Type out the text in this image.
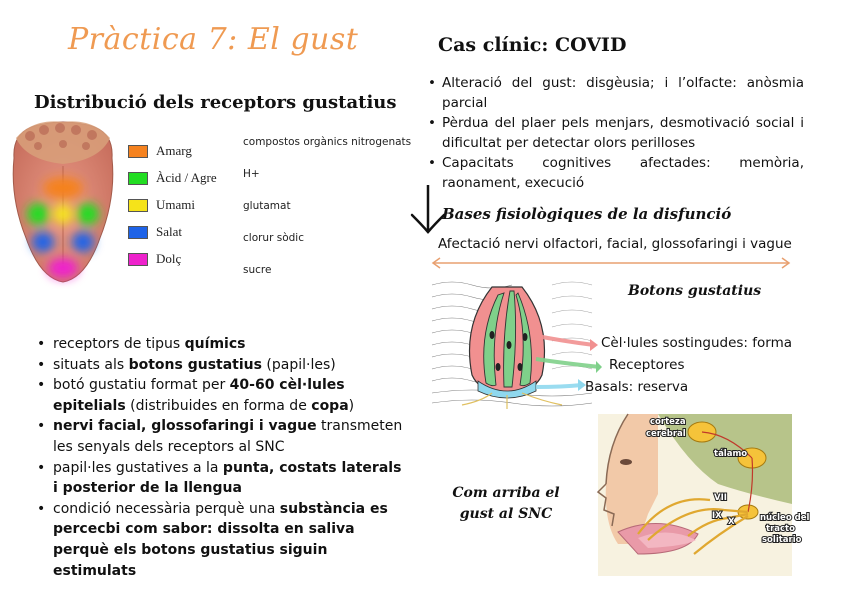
Pràctica 7: El gust
Distribució dels receptors gustatius
Amarg
Àcid / Agre
Umami
Salat
Dolç
compostos orgànics nitrogenats
H+
glutamat
clorur sòdic
sucre
• receptors de tipus químics
• situats als botons gustatius (papil·les)
• botó gustatiu format per 40-60 cèl·lules epitelials (distribuides en forma de copa)
• nervi facial, glossofaringi i vague transmeten les senyals dels receptors al SNC
• papil·les gustatives a la punta, costats laterals i posterior de la llengua
• condició necessària perquè una substància es percecbi com sabor: dissolta en saliva perquè els botons gustatius siguin estimulats
Cas clínic: COVID
• Alteració del gust: disgèusia; i l’olfacte: anòsmia parcial
• Pèrdua del plaer pels menjars, desmotivació social i dificultat per detectar olors perilloses
• Capacitats cognitives afectades: memòria, raonament, execució
Bases fisiològiques de la disfunció
Afectació nervi olfactori, facial, glossofaringi i vague
Botons gustatius
Cèl·lules sostingudes: forma
Receptores
Basals: reserva
Com arriba el gust al SNC
corteza
cerebral
tálamo
VII
IX
X	núcleo del
tracto
solitario
